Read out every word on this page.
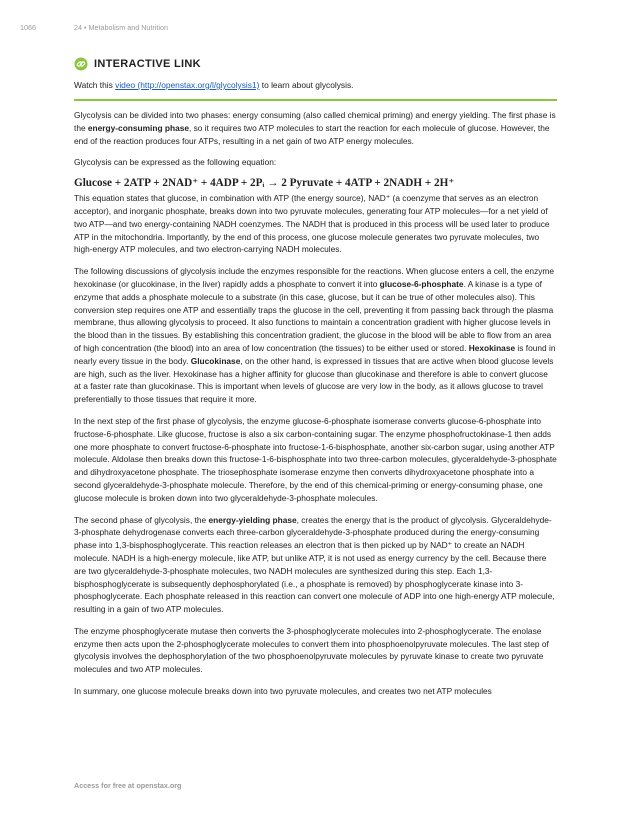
1066	24 • Metabolism and Nutrition
INTERACTIVE LINK
Watch this video (http://openstax.org/l/glycolysis1) to learn about glycolysis.

Glycolysis can be divided into two phases: energy consuming (also called chemical priming) and energy yielding. The first phase is the energy-consuming phase, so it requires two ATP molecules to start the reaction for each molecule of glucose. However, the end of the reaction produces four ATPs, resulting in a net gain of two ATP energy molecules.

Glycolysis can be expressed as the following equation:

Glucose + 2ATP + 2NAD⁺ + 4ADP + 2Pᵢ → 2 Pyruvate + 4ATP + 2NADH + 2H⁺

This equation states that glucose, in combination with ATP (the energy source), NAD⁺ (a coenzyme that serves as an electron acceptor), and inorganic phosphate, breaks down into two pyruvate molecules, generating four ATP molecules—for a net yield of two ATP—and two energy-containing NADH coenzymes. The NADH that is produced in this process will be used later to produce ATP in the mitochondria. Importantly, by the end of this process, one glucose molecule generates two pyruvate molecules, two high-energy ATP molecules, and two electron-carrying NADH molecules.

The following discussions of glycolysis include the enzymes responsible for the reactions. When glucose enters a cell, the enzyme hexokinase (or glucokinase, in the liver) rapidly adds a phosphate to convert it into glucose-6-phosphate. A kinase is a type of enzyme that adds a phosphate molecule to a substrate (in this case, glucose, but it can be true of other molecules also). This conversion step requires one ATP and essentially traps the glucose in the cell, preventing it from passing back through the plasma membrane, thus allowing glycolysis to proceed. It also functions to maintain a concentration gradient with higher glucose levels in the blood than in the tissues. By establishing this concentration gradient, the glucose in the blood will be able to flow from an area of high concentration (the blood) into an area of low concentration (the tissues) to be either used or stored. Hexokinase is found in nearly every tissue in the body. Glucokinase, on the other hand, is expressed in tissues that are active when blood glucose levels are high, such as the liver. Hexokinase has a higher affinity for glucose than glucokinase and therefore is able to convert glucose at a faster rate than glucokinase. This is important when levels of glucose are very low in the body, as it allows glucose to travel preferentially to those tissues that require it more.

In the next step of the first phase of glycolysis, the enzyme glucose-6-phosphate isomerase converts glucose-6-phosphate into fructose-6-phosphate. Like glucose, fructose is also a six carbon-containing sugar. The enzyme phosphofructokinase-1 then adds one more phosphate to convert fructose-6-phosphate into fructose-1-6-bisphosphate, another six-carbon sugar, using another ATP molecule. Aldolase then breaks down this fructose-1-6-bisphosphate into two three-carbon molecules, glyceraldehyde-3-phosphate and dihydroxyacetone phosphate. The triosephosphate isomerase enzyme then converts dihydroxyacetone phosphate into a second glyceraldehyde-3-phosphate molecule. Therefore, by the end of this chemical-priming or energy-consuming phase, one glucose molecule is broken down into two glyceraldehyde-3-phosphate molecules.

The second phase of glycolysis, the energy-yielding phase, creates the energy that is the product of glycolysis. Glyceraldehyde-3-phosphate dehydrogenase converts each three-carbon glyceraldehyde-3-phosphate produced during the energy-consuming phase into 1,3-bisphosphoglycerate. This reaction releases an electron that is then picked up by NAD⁺ to create an NADH molecule. NADH is a high-energy molecule, like ATP, but unlike ATP, it is not used as energy currency by the cell. Because there are two glyceraldehyde-3-phosphate molecules, two NADH molecules are synthesized during this step. Each 1,3-bisphosphoglycerate is subsequently dephosphorylated (i.e., a phosphate is removed) by phosphoglycerate kinase into 3-phosphoglycerate. Each phosphate released in this reaction can convert one molecule of ADP into one high-energy ATP molecule, resulting in a gain of two ATP molecules.

The enzyme phosphoglycerate mutase then converts the 3-phosphoglycerate molecules into 2-phosphoglycerate. The enolase enzyme then acts upon the 2-phosphoglycerate molecules to convert them into phosphoenolpyruvate molecules. The last step of glycolysis involves the dephosphorylation of the two phosphoenolpyruvate molecules by pyruvate kinase to create two pyruvate molecules and two ATP molecules.

In summary, one glucose molecule breaks down into two pyruvate molecules, and creates two net ATP molecules

Access for free at openstax.org
